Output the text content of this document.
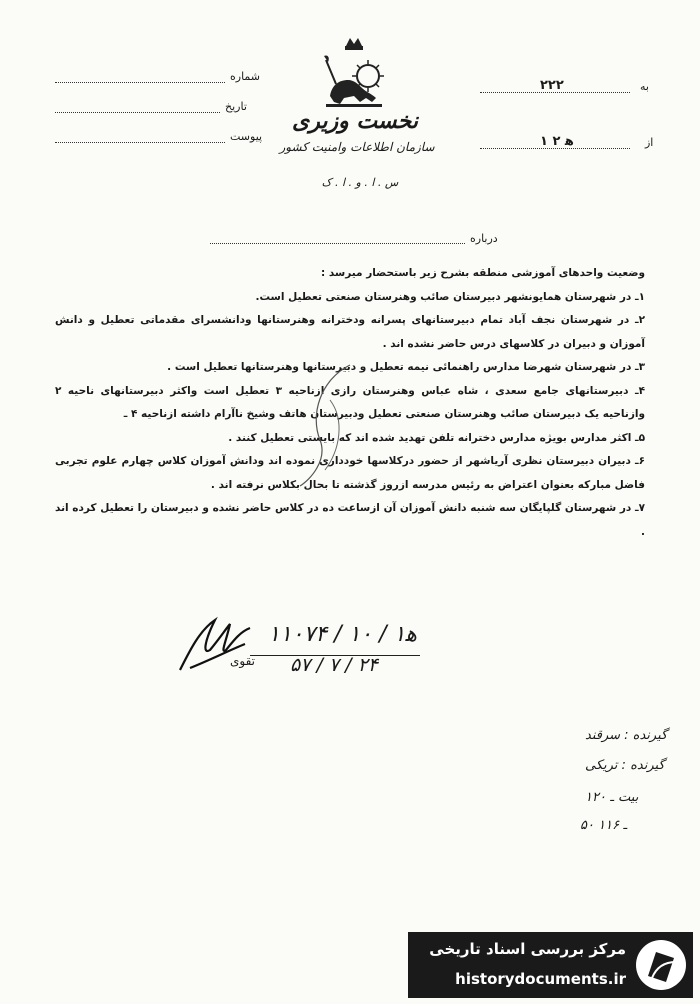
شماره
تاریخ
پیوست
به
۲۲۲
از
۱ ه‍ ۲
نخست وزیری
سازمان اطلاعات وامنیت کشور
س . ا . و . ا . ک
درباره

وضعیت واحدهای آموزشی منطقه بشرح زیر باستحضار میرسد :

۱ـ در شهرستان همایونشهر دبیرستان صائب وهنرستان صنعتی تعطیل است.

۲ـ در شهرستان نجف آباد تمام دبیرستانهای پسرانه ودخترانه وهنرستانها ودانشسرای مقدماتی تعطیل و دانش آموزان و دبیران در کلاسهای درس حاضر نشده اند .

۳ـ در شهرستان شهرضا مدارس راهنمائی نیمه تعطیل و دبیرستانها وهنرستانها تعطیل است .

۴ـ دبیرستانهای جامع سعدی ، شاه عباس وهنرستان رازی ازناحیه ۳ تعطیل است واکثر دبیرستانهای ناحیه ۲ وازناحیه یک دبیرستان صائب وهنرستان صنعتی تعطیل ودبیرستان هاتف وشیخ ناآرام داشته ازناحیه ۴ ـ

۵ـ اکثر مدارس بویژه مدارس دخترانه تلفن تهدید شده اند که بایستی تعطیل کنند .

۶ـ دبیران دبیرستان نظری آریاشهر از حضور درکلاسها خودداری نموده اند ودانش آموزان کلاس چهارم علوم تجربی فاضل مبارکه بعنوان اعتراض به رئیس مدرسه ازروز گذشته تا بحال بکلاس نرفته اند .

۷ـ در شهرستان گلپایگان سه شنبه دانش آموزان آن ازساعت ده در کلاس حاضر نشده و دبیرستان را تعطیل کرده اند .

۱۱۰۷۴ / ۱۰ / ۱ه‍
۵۷ / ۷ / ۲۴
تقوی
گیرنده : سرقند
گیرنده : تریکی
بیت ـ ۱۲۰
۵۰ ـ ۱۱۶
مرکز بررسی اسناد تاریخی
historydocuments.ir
